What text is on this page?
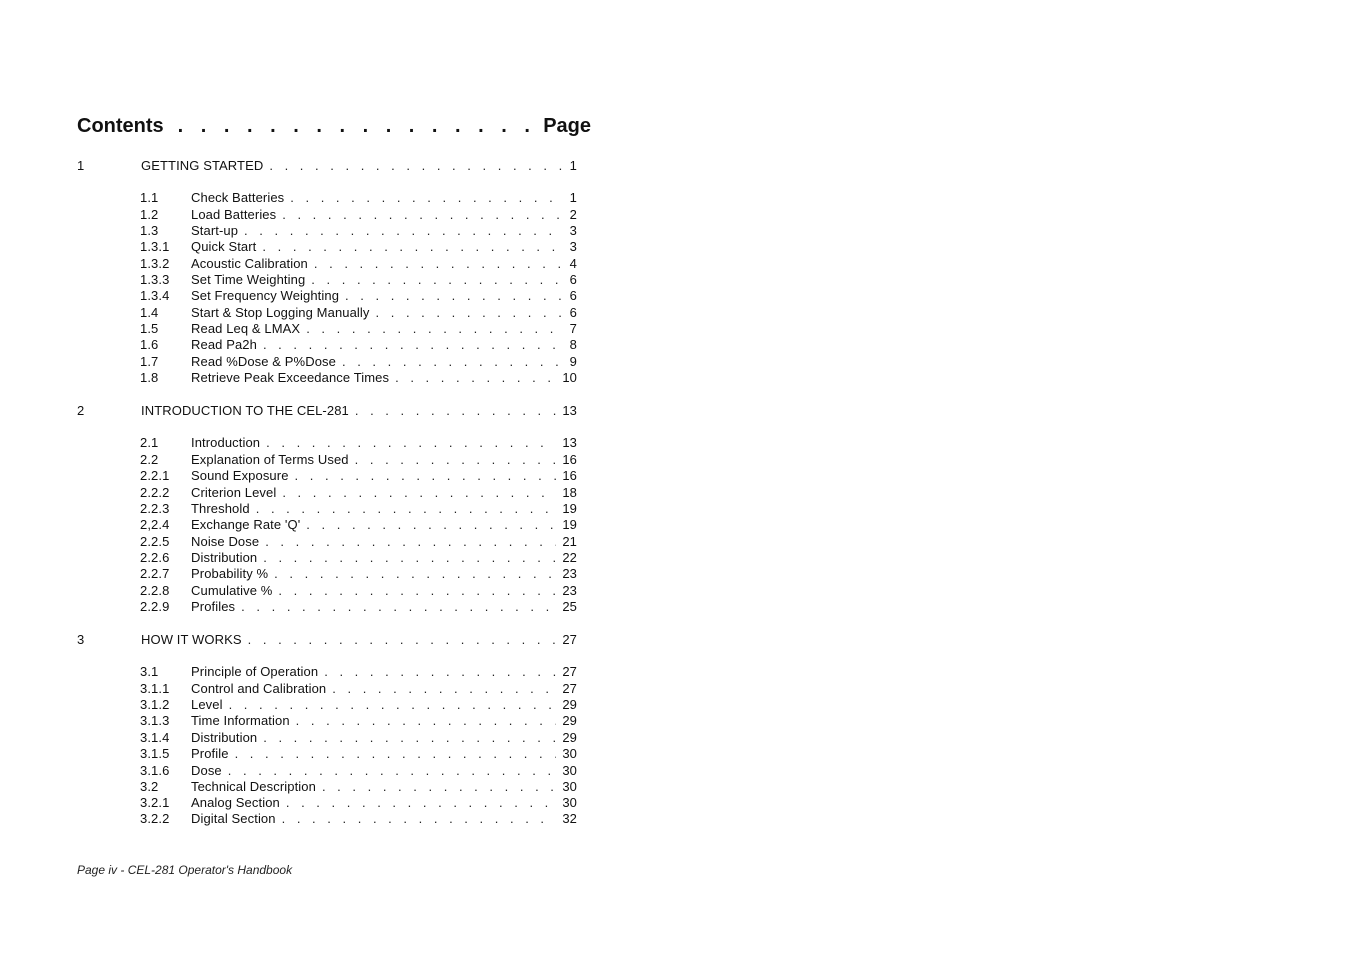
Contents . . .	Page
1	GETTING STARTED . . .	1
1.1	Check Batteries . . .	1
1.2	Load Batteries . . .	2
1.3	Start-up . . .	3
1.3.1	Quick Start . . .	3
1.3.2	Acoustic Calibration . . .	4
1.3.3	Set Time Weighting . . .	6
1.3.4	Set Frequency Weighting . . .	6
1.4	Start & Stop Logging Manually . . .	6
1.5	Read Leq & LMAX . . .	7
1.6	Read Pa2h . . .	8
1.7	Read %Dose & P%Dose . . .	9
1.8	Retrieve Peak Exceedance Times . . .	10
2	INTRODUCTION TO THE CEL-281 . . .	13
2.1	Introduction . . .	13
2.2	Explanation of Terms Used . . .	16
2.2.1	Sound Exposure . . .	16
2.2.2	Criterion Level . . .	18
2.2.3	Threshold . . .	19
2,2.4	Exchange Rate 'Q' . . .	19
2.2.5	Noise Dose . . .	21
2.2.6	Distribution . . .	22
2.2.7	Probability % . . .	23
2.2.8	Cumulative % . . .	23
2.2.9	Profiles . . .	25
3	HOW IT WORKS . . .	27
3.1	Principle of Operation . . .	27
3.1.1	Control and Calibration . . .	27
3.1.2	Level . . .	29
3.1.3	Time Information . . .	29
3.1.4	Distribution . . .	29
3.1.5	Profile . . .	30
3.1.6	Dose . . .	30
3.2	Technical Description . . .	30
3.2.1	Analog Section . . .	30
3.2.2	Digital Section . . .	32
Page iv - CEL-281 Operator's Handbook
